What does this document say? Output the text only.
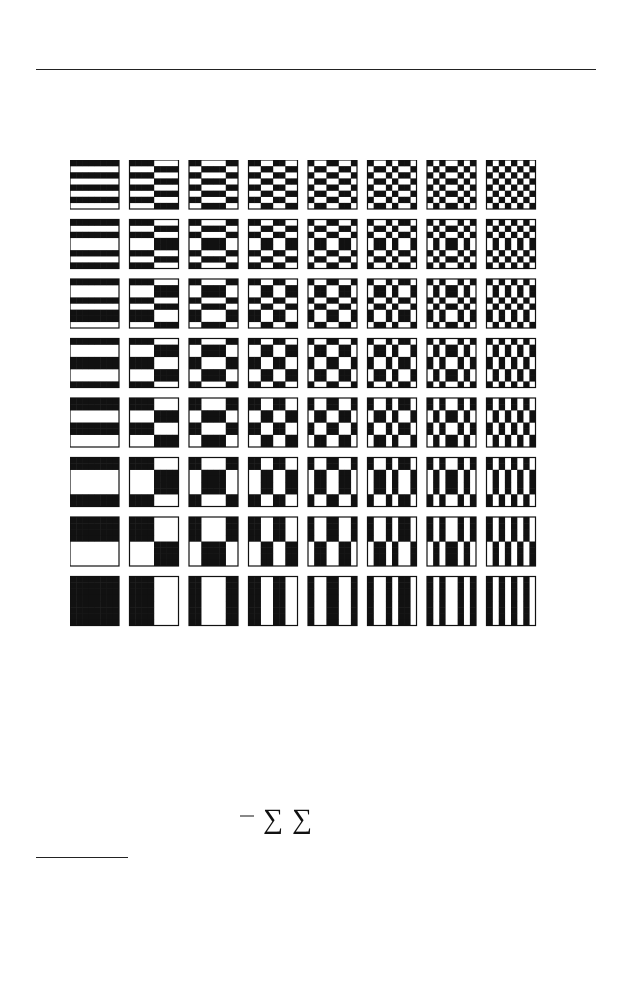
∑ ∑
